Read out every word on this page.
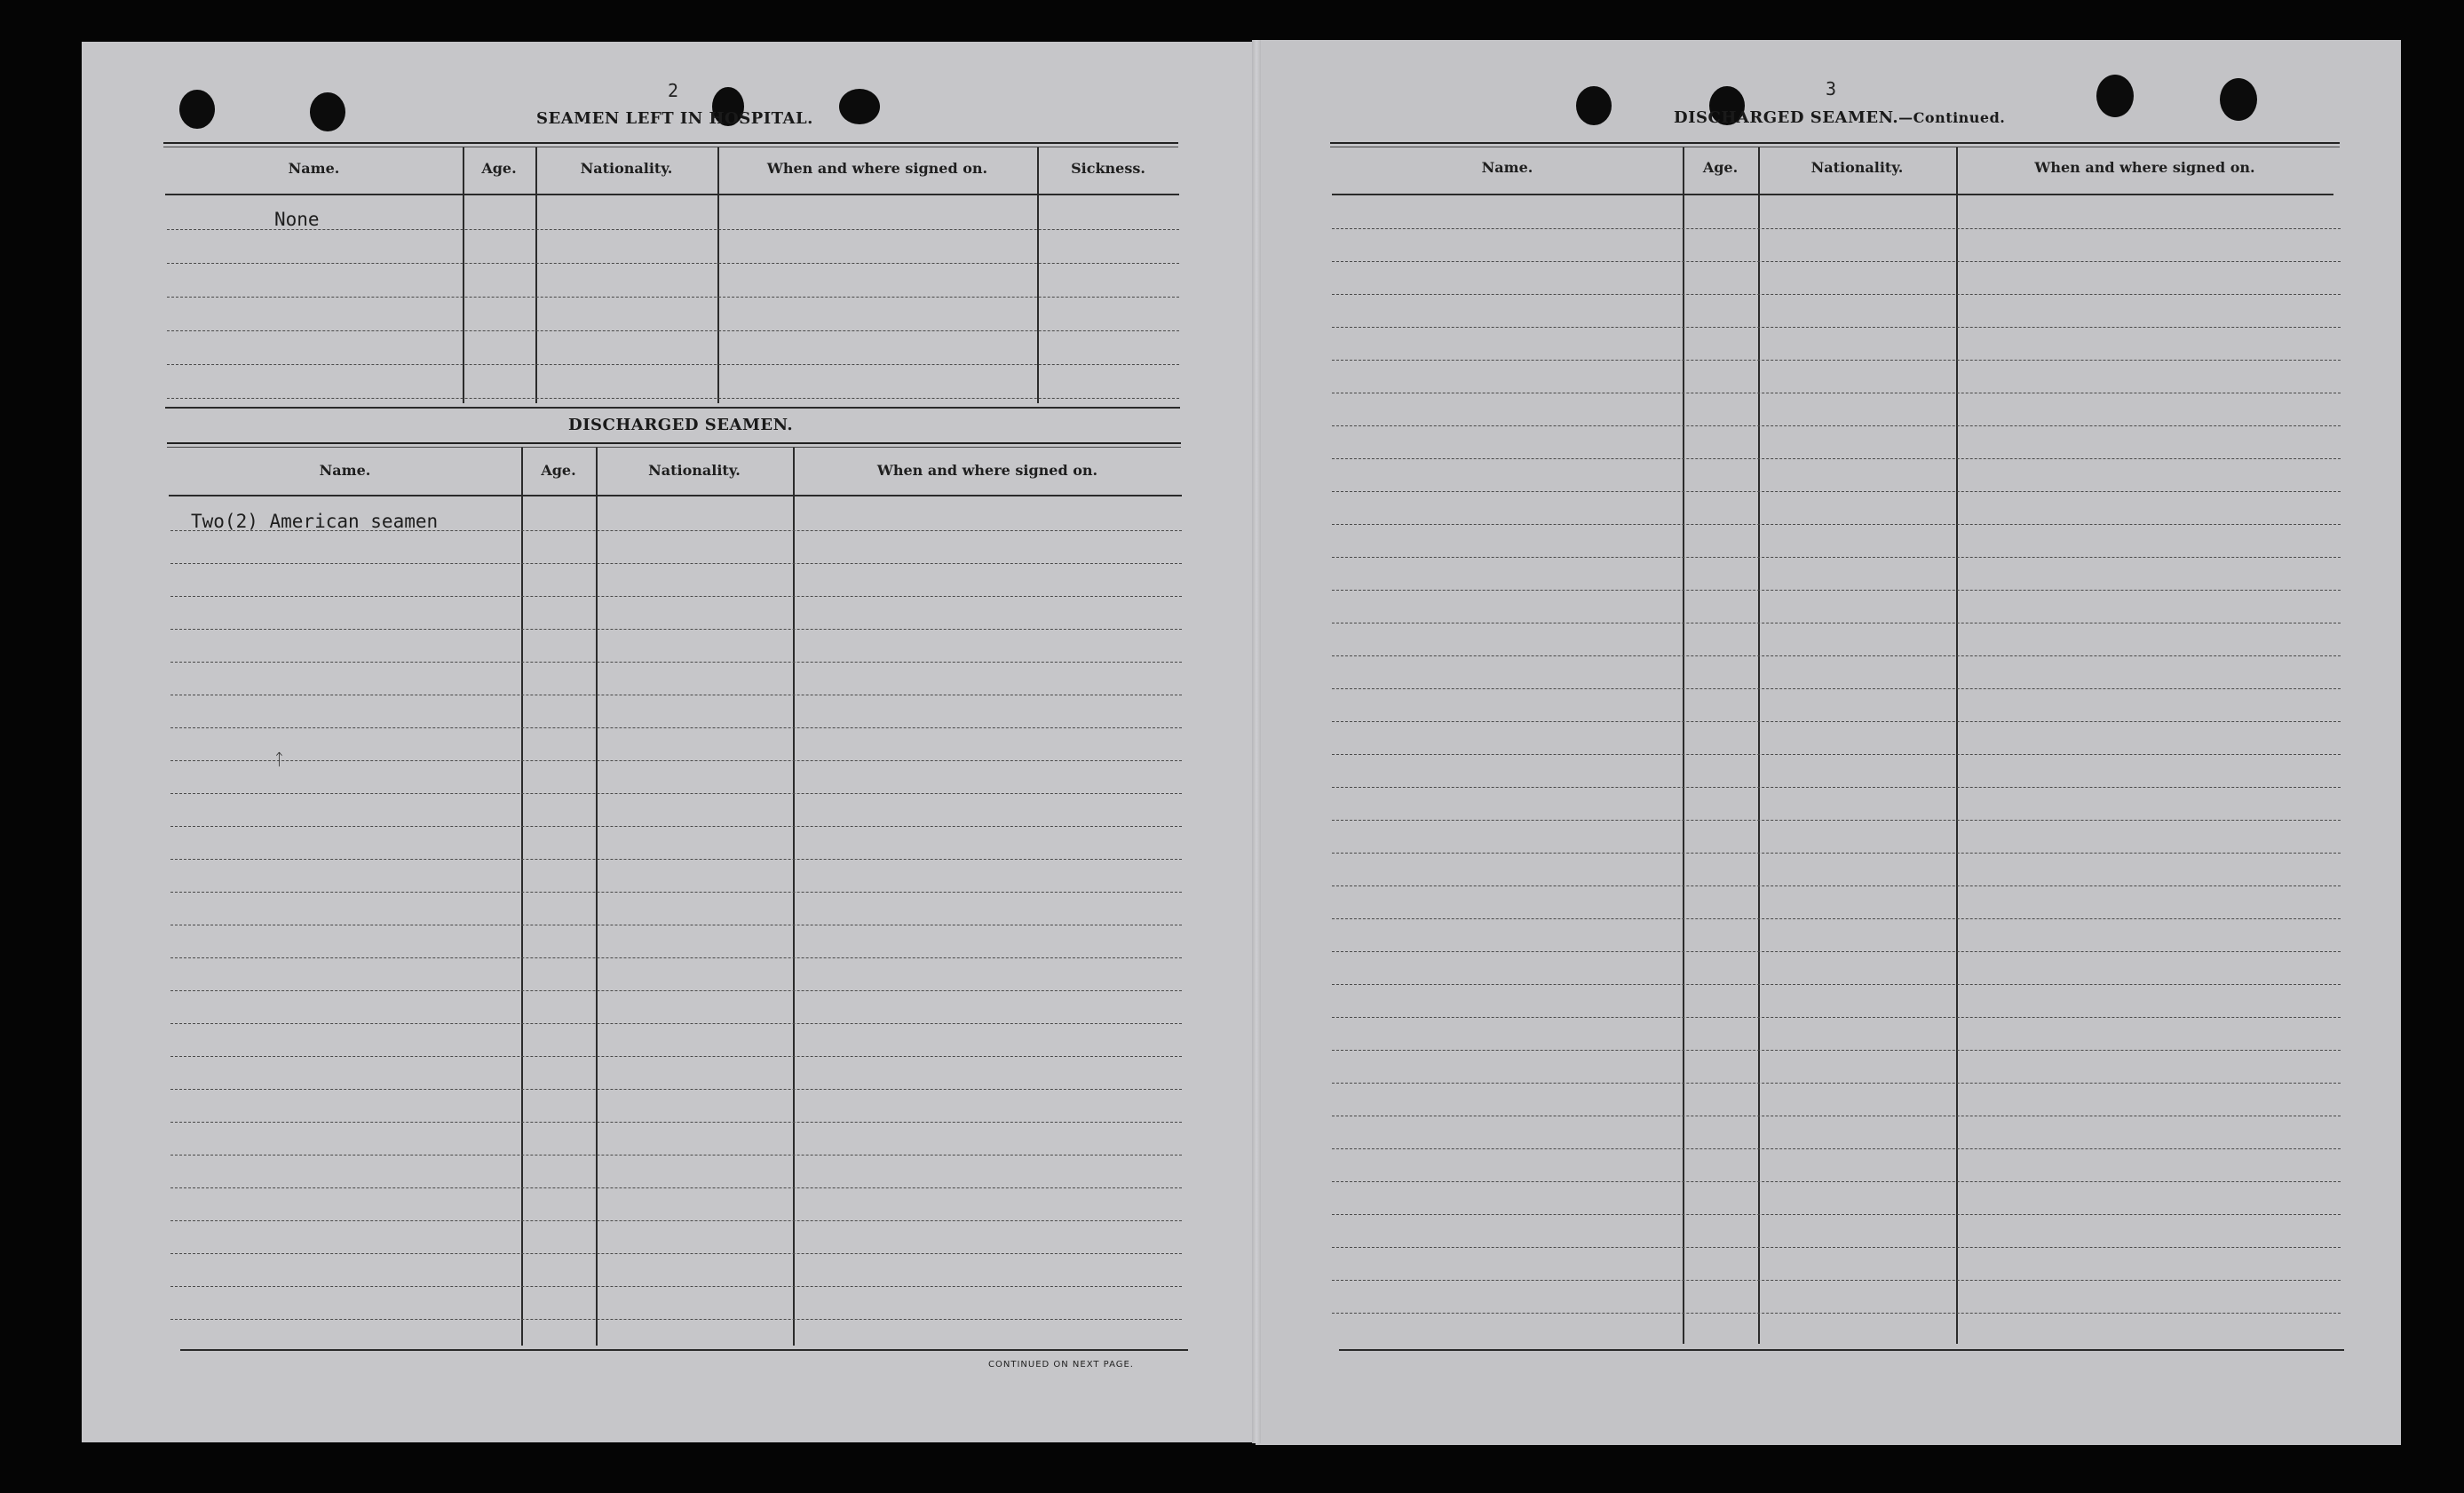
2
SEAMEN LEFT IN HOSPITAL.
Name.	Age.	Nationality.	When and where signed on.	Sickness.
None
DISCHARGED SEAMEN.
Name.	Age.	Nationality.	When and where signed on.
Two(2) American seamen
CONTINUED ON NEXT PAGE.
ᛏ
3
DISCHARGED SEAMEN.—Continued.
Name.	Age.	Nationality.	When and where signed on.
